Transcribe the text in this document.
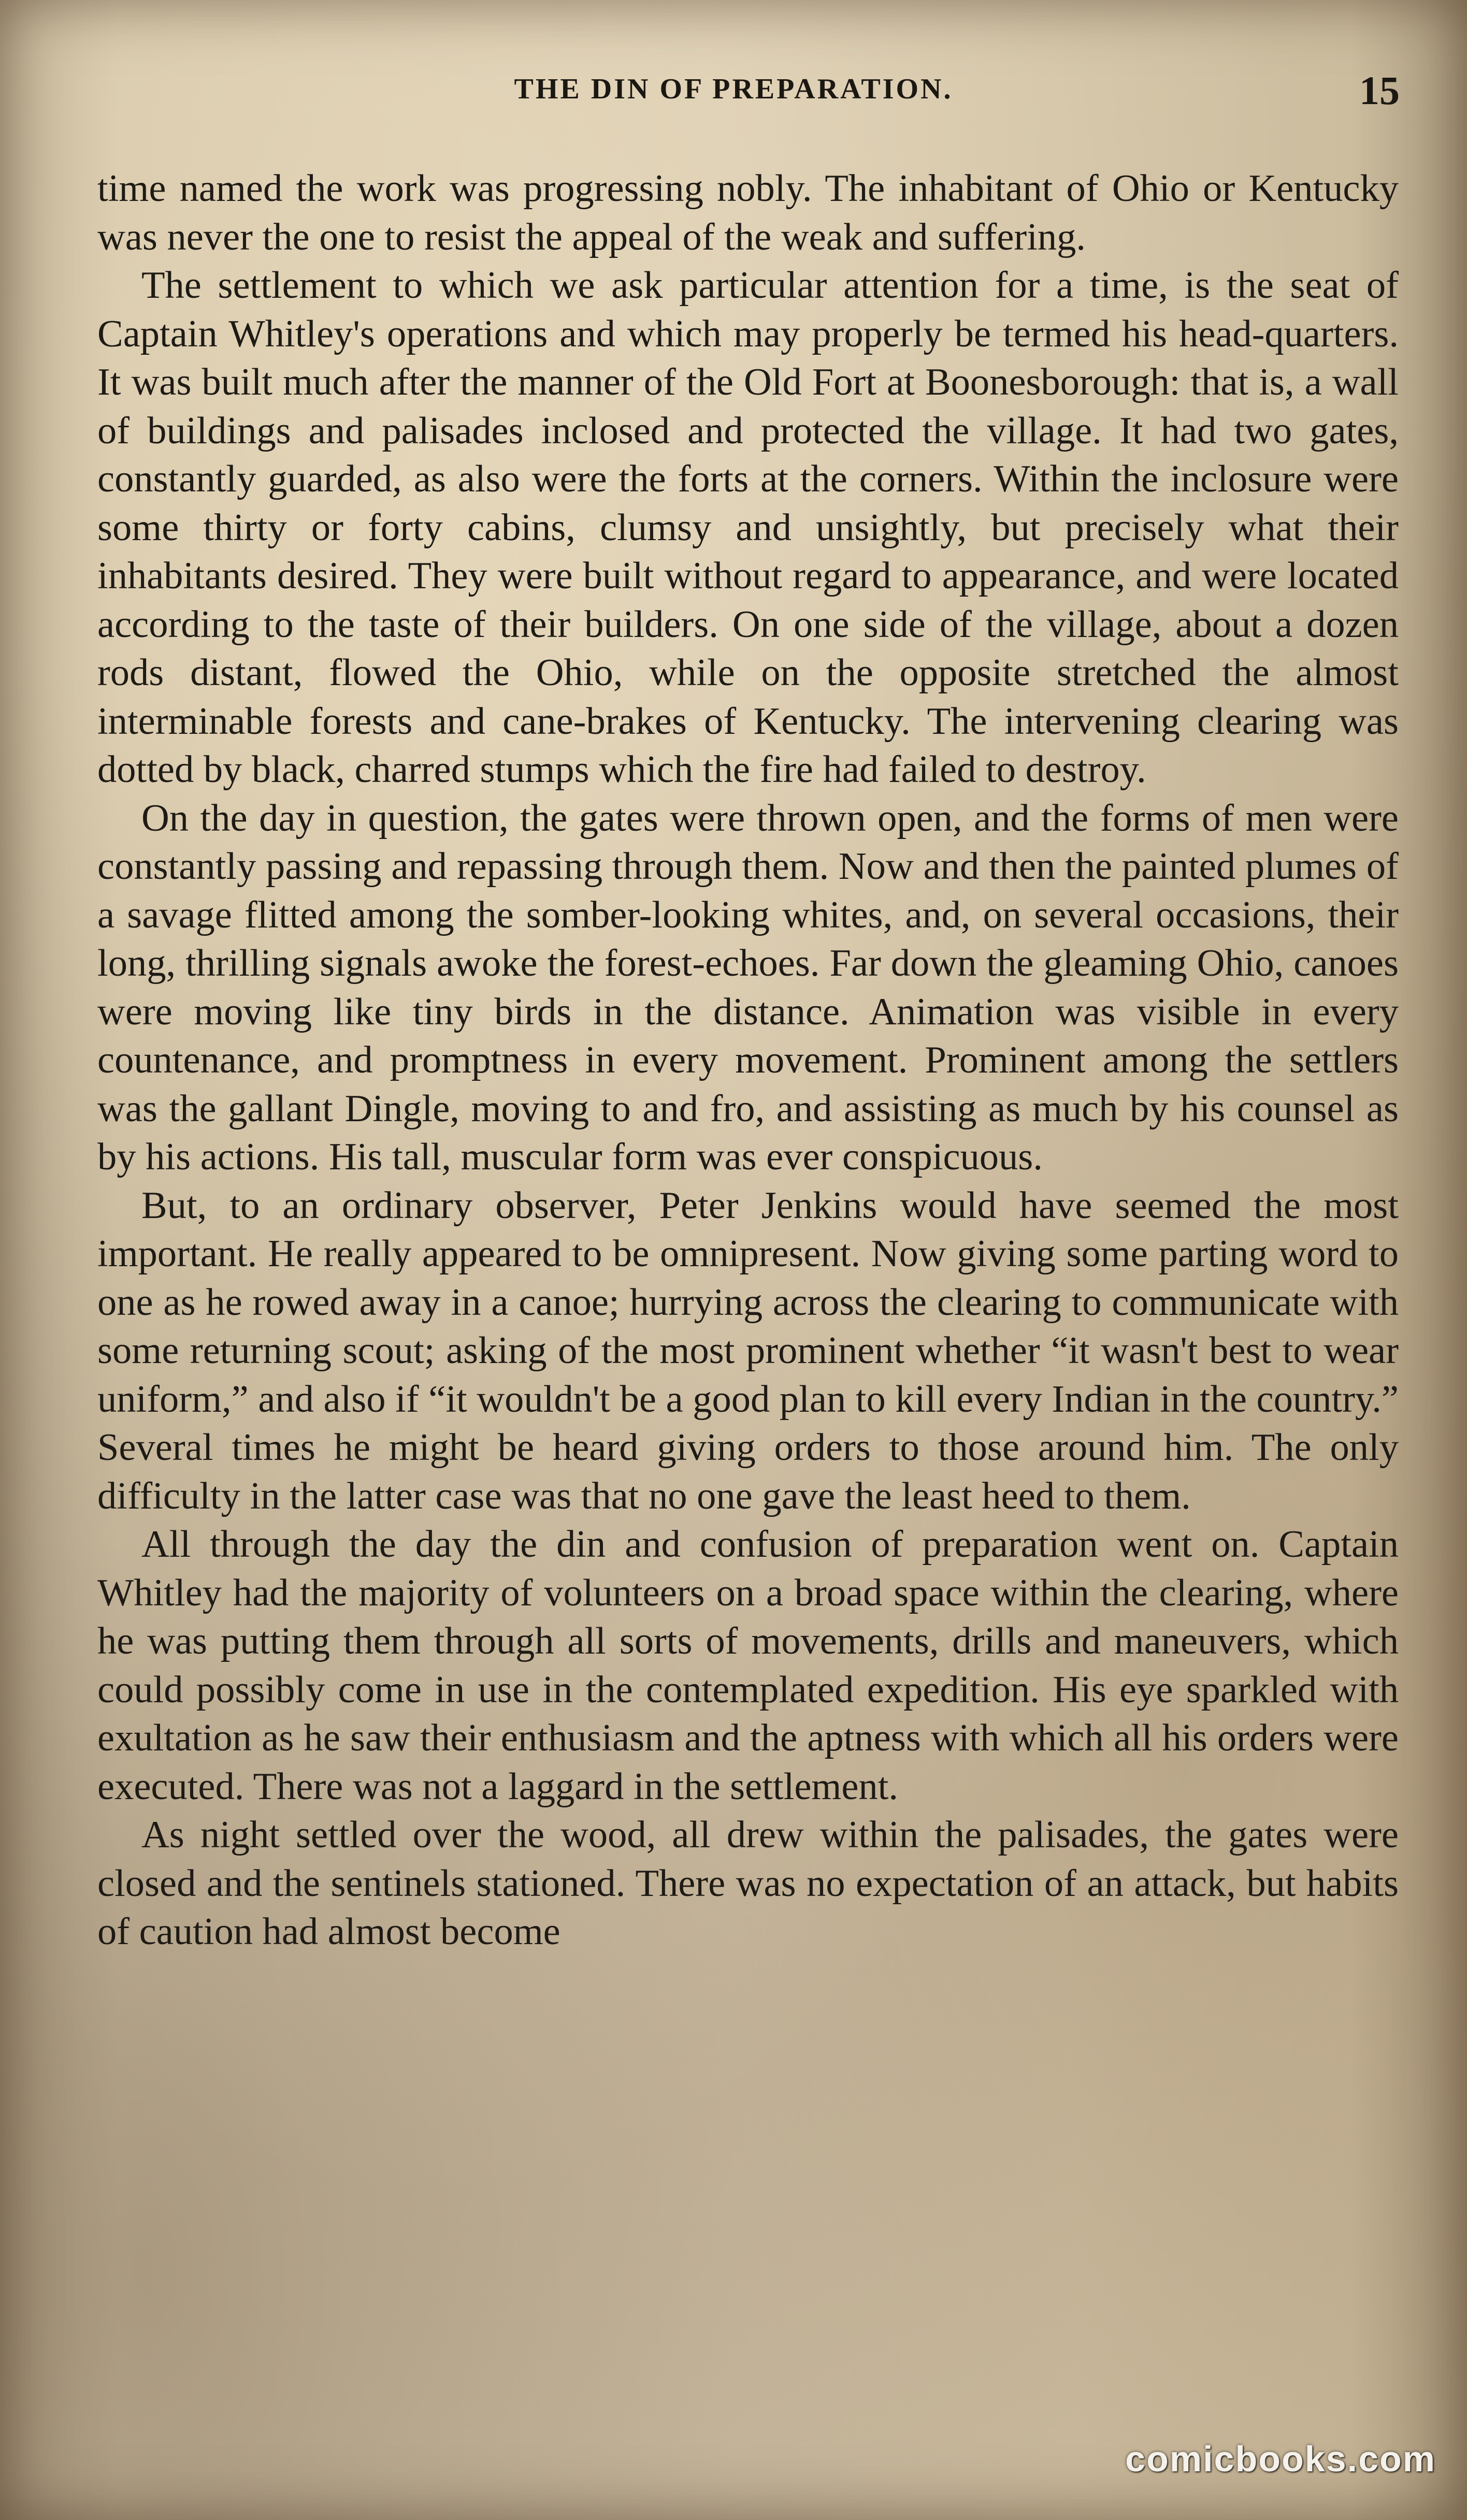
THE DIN OF PREPARATION.	15

time named the work was progressing nobly. The inhabitant of Ohio or Kentucky was never the one to resist the appeal of the weak and suffering.

The settlement to which we ask particular attention for a time, is the seat of Captain Whitley's operations and which may properly be termed his head-quarters. It was built much after the manner of the Old Fort at Boonesborough: that is, a wall of buildings and palisades inclosed and protected the village. It had two gates, constantly guarded, as also were the forts at the corners. Within the inclosure were some thirty or forty cabins, clumsy and unsightly, but precisely what their inhabitants desired. They were built without regard to appearance, and were located according to the taste of their builders. On one side of the village, about a dozen rods distant, flowed the Ohio, while on the opposite stretched the almost interminable forests and cane-brakes of Kentucky. The intervening clearing was dotted by black, charred stumps which the fire had failed to destroy.

On the day in question, the gates were thrown open, and the forms of men were constantly passing and repassing through them. Now and then the painted plumes of a savage flitted among the somber-looking whites, and, on several occasions, their long, thrilling signals awoke the forest-echoes. Far down the gleaming Ohio, canoes were moving like tiny birds in the distance. Animation was visible in every countenance, and promptness in every movement. Prominent among the settlers was the gallant Dingle, moving to and fro, and assisting as much by his counsel as by his actions. His tall, muscular form was ever conspicuous.

But, to an ordinary observer, Peter Jenkins would have seemed the most important. He really appeared to be omnipresent. Now giving some parting word to one as he rowed away in a canoe; hurrying across the clearing to communicate with some returning scout; asking of the most prominent whether “it wasn't best to wear uniform,” and also if “it wouldn't be a good plan to kill every Indian in the country.” Several times he might be heard giving orders to those around him. The only difficulty in the latter case was that no one gave the least heed to them.

All through the day the din and confusion of preparation went on. Captain Whitley had the majority of volunteers on a broad space within the clearing, where he was putting them through all sorts of movements, drills and maneuvers, which could possibly come in use in the contemplated expedition. His eye sparkled with exultation as he saw their enthusiasm and the aptness with which all his orders were executed. There was not a laggard in the settlement.

As night settled over the wood, all drew within the palisades, the gates were closed and the sentinels stationed. There was no expectation of an attack, but habits of caution had almost become

comicbooks.com
